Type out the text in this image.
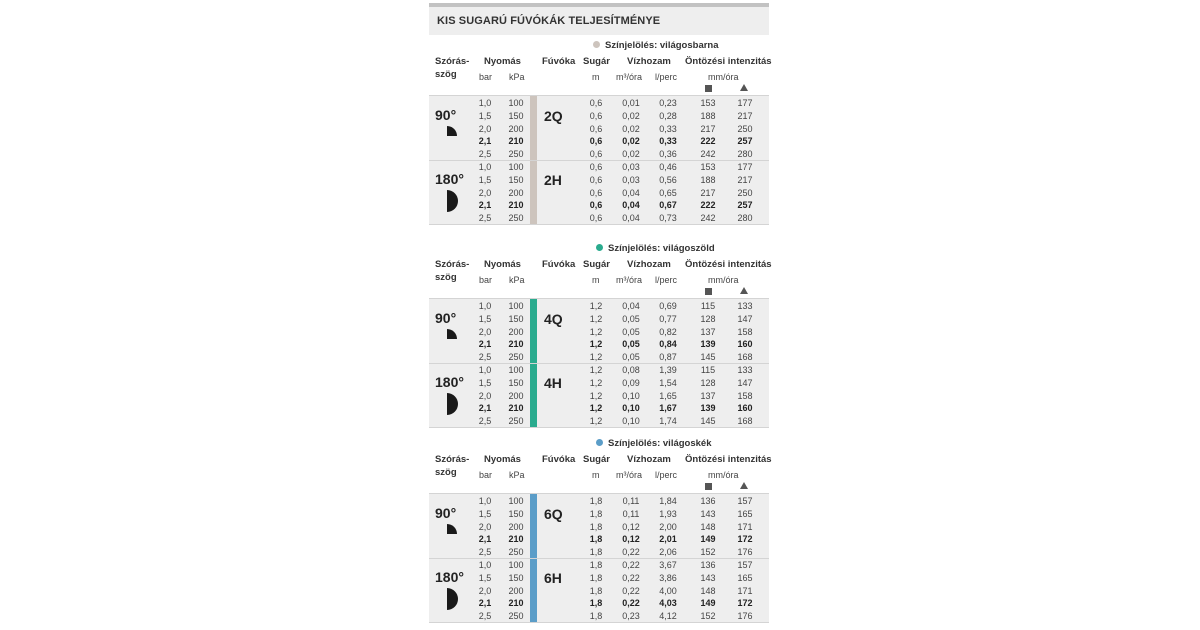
KIS SUGARÚ FÚVÓKÁK TELJESÍTMÉNYE
Színjelölés: világosbarna
Szórás-
szög
Nyomás Fúvóka Sugár Vízhozam Öntözési intenzitás
bar kPa	m m³/óra l/perc	mm/óra
90°	2Q
1,0	100	0,6	0,01	0,23	153	177
1,5	150	0,6	0,02	0,28	188	217
2,0	200	0,6	0,02	0,33	217	250
2,1	210	0,6	0,02	0,33	222	257
2,5	250	0,6	0,02	0,36	242	280
180°	2H
1,0	100	0,6	0,03	0,46	153	177
1,5	150	0,6	0,03	0,56	188	217
2,0	200	0,6	0,04	0,65	217	250
2,1	210	0,6	0,04	0,67	222	257
2,5	250	0,6	0,04	0,73	242	280
Színjelölés: világoszöld
Szórás-
szög
Nyomás Fúvóka Sugár Vízhozam Öntözési intenzitás
bar kPa	m m³/óra l/perc	mm/óra
90°	4Q
1,0	100	1,2	0,04	0,69	115	133
1,5	150	1,2	0,05	0,77	128	147
2,0	200	1,2	0,05	0,82	137	158
2,1	210	1,2	0,05	0,84	139	160
2,5	250	1,2	0,05	0,87	145	168
180°	4H
1,0	100	1,2	0,08	1,39	115	133
1,5	150	1,2	0,09	1,54	128	147
2,0	200	1,2	0,10	1,65	137	158
2,1	210	1,2	0,10	1,67	139	160
2,5	250	1,2	0,10	1,74	145	168
Színjelölés: világoskék
Szórás-
szög
Nyomás Fúvóka Sugár Vízhozam Öntözési intenzitás
bar kPa	m m³/óra l/perc	mm/óra
90°	6Q
1,0	100	1,8	0,11	1,84	136	157
1,5	150	1,8	0,11	1,93	143	165
2,0	200	1,8	0,12	2,00	148	171
2,1	210	1,8	0,12	2,01	149	172
2,5	250	1,8	0,22	2,06	152	176
180°	6H
1,0	100	1,8	0,22	3,67	136	157
1,5	150	1,8	0,22	3,86	143	165
2,0	200	1,8	0,22	4,00	148	171
2,1	210	1,8	0,22	4,03	149	172
2,5	250	1,8	0,23	4,12	152	176
